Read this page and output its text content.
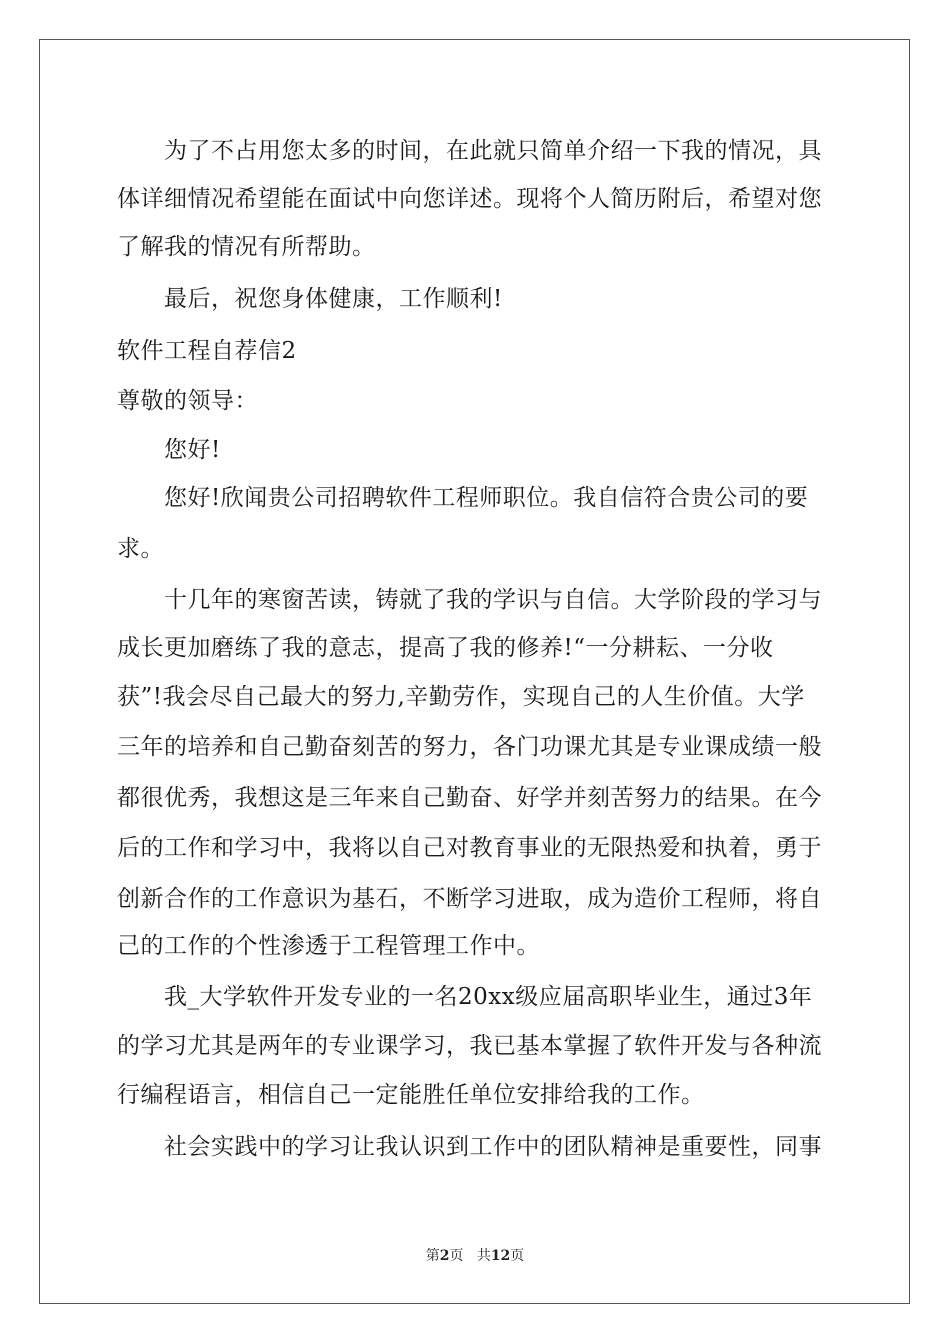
为了不占用您太多的时间，在此就只简单介绍一下我的情况，具
体详细情况希望能在面试中向您详述。现将个人简历附后，希望对您
了解我的情况有所帮助。
最后，祝您身体健康，工作顺利!
软件工程自荐信2
尊敬的领导：
您好!
您好!欣闻贵公司招聘软件工程师职位。我自信符合贵公司的要
求。
十几年的寒窗苦读，铸就了我的学识与自信。大学阶段的学习与
成长更加磨练了我的意志，提高了我的修养!“一分耕耘、一分收
获”!我会尽自己最大的努力,辛勤劳作，实现自己的人生价值。大学
三年的培养和自己勤奋刻苦的努力，各门功课尤其是专业课成绩一般
都很优秀，我想这是三年来自己勤奋、好学并刻苦努力的结果。在今
后的工作和学习中，我将以自己对教育事业的无限热爱和执着，勇于
创新合作的工作意识为基石，不断学习进取，成为造价工程师，将自
己的工作的个性渗透于工程管理工作中。
我_大学软件开发专业的一名20xx级应届高职毕业生，通过3年
的学习尤其是两年的专业课学习，我已基本掌握了软件开发与各种流
行编程语言，相信自己一定能胜任单位安排给我的工作。
社会实践中的学习让我认识到工作中的团队精神是重要性，同事
第2页 共12页
